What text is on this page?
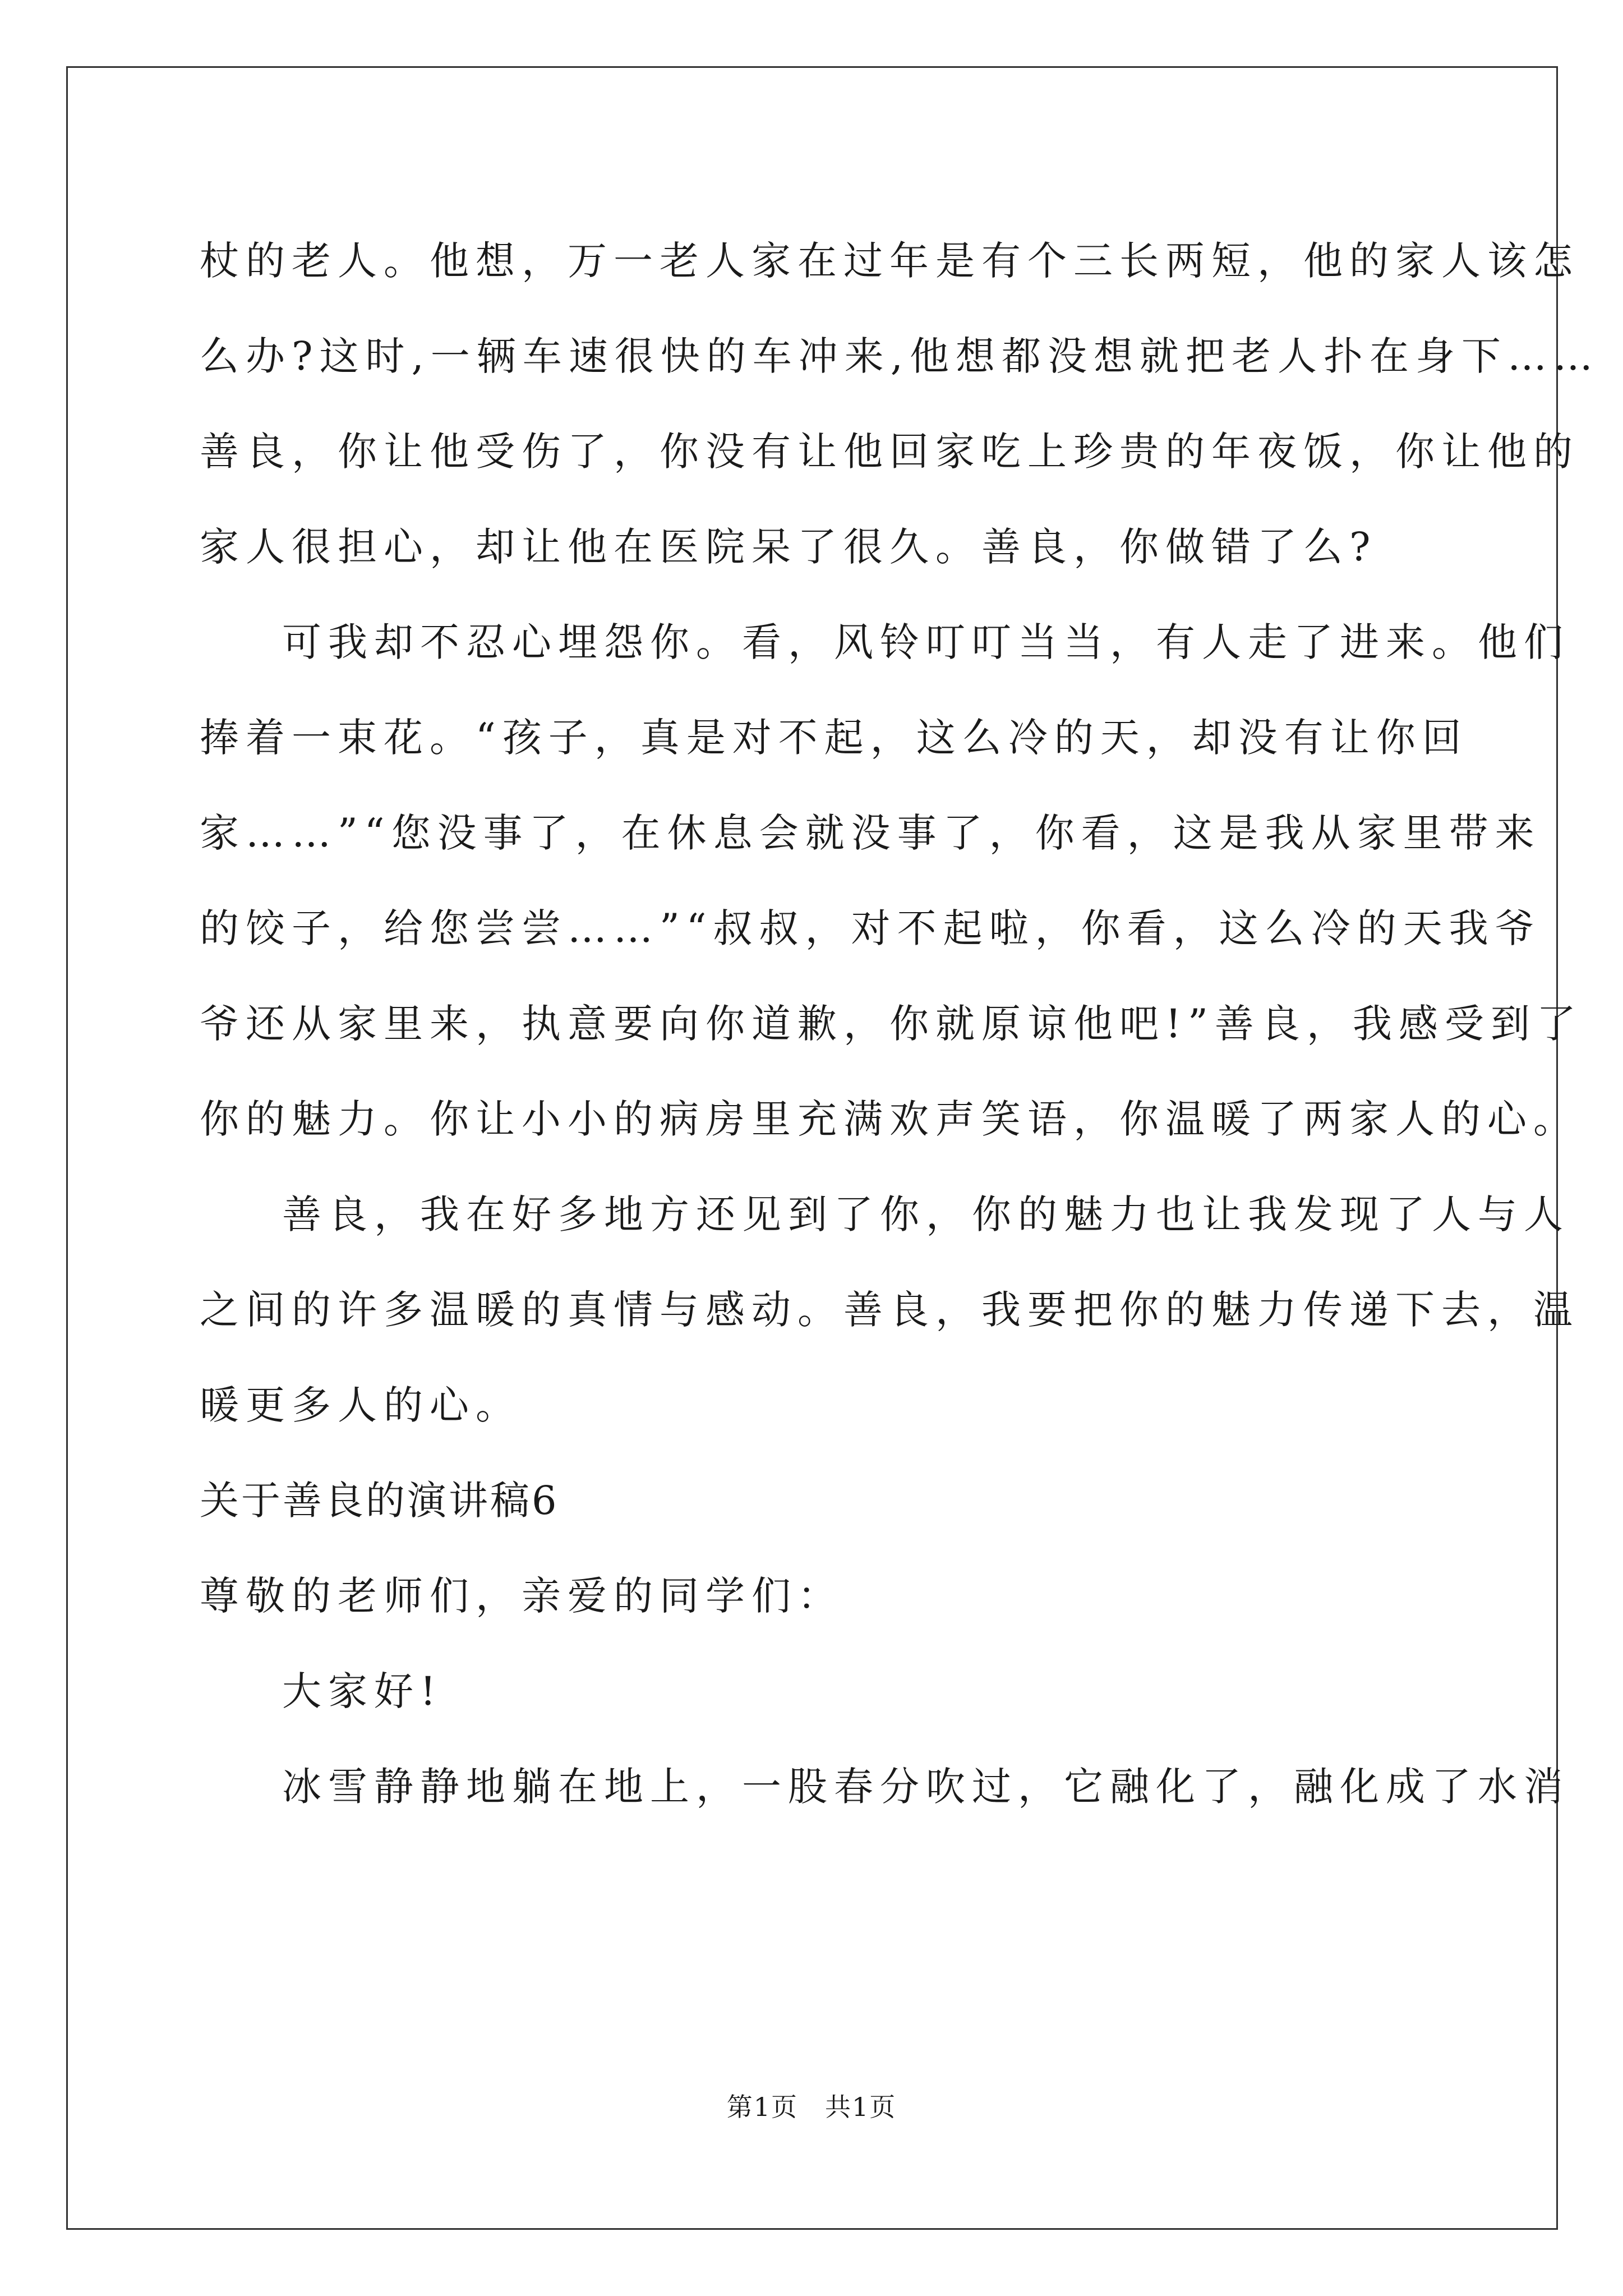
杖的老人。他想，万一老人家在过年是有个三长两短，他的家人该怎
么办?这时,一辆车速很快的车冲来,他想都没想就把老人扑在身下……
善良，你让他受伤了，你没有让他回家吃上珍贵的年夜饭，你让他的
家人很担心，却让他在医院呆了很久。善良，你做错了么?
可我却不忍心埋怨你。看，风铃叮叮当当，有人走了进来。他们
捧着一束花。“孩子，真是对不起，这么冷的天，却没有让你回
家……”“您没事了，在休息会就没事了，你看，这是我从家里带来
的饺子，给您尝尝……”“叔叔，对不起啦，你看，这么冷的天我爷
爷还从家里来，执意要向你道歉，你就原谅他吧!”善良，我感受到了
你的魅力。你让小小的病房里充满欢声笑语，你温暖了两家人的心。
善良，我在好多地方还见到了你，你的魅力也让我发现了人与人
之间的许多温暖的真情与感动。善良，我要把你的魅力传递下去，温
暖更多人的心。
关于善良的演讲稿6
尊敬的老师们，亲爱的同学们：
大家好!
冰雪静静地躺在地上，一股春分吹过，它融化了，融化成了水消
第1页　共1页
